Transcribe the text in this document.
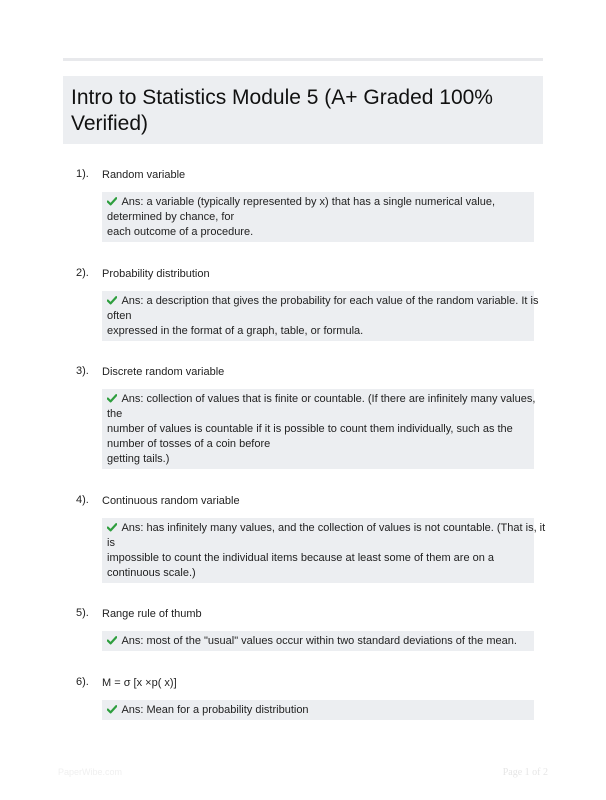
Intro to Statistics Module 5 (A+ Graded 100% Verified)
1). Random variable
Ans: a variable (typically represented by x) that has a single numerical value,
determined by chance, for
each outcome of a procedure.
2). Probability distribution
Ans: a description that gives the probability for each value of the random variable. It is
often
expressed in the format of a graph, table, or formula.
3). Discrete random variable
Ans: collection of values that is finite or countable. (If there are infinitely many values,
the
number of values is countable if it is possible to count them individually, such as the
number of tosses of a coin before
getting tails.)
4). Continuous random variable
Ans: has infinitely many values, and the collection of values is not countable. (That is, it
is
impossible to count the individual items because at least some of them are on a
continuous scale.)
5). Range rule of thumb
Ans: most of the "usual" values occur within two standard deviations of the mean.
6). M = σ [x ×p( x)]
Ans: Mean for a probability distribution
PaperWibe.com	Page 1 of 2
